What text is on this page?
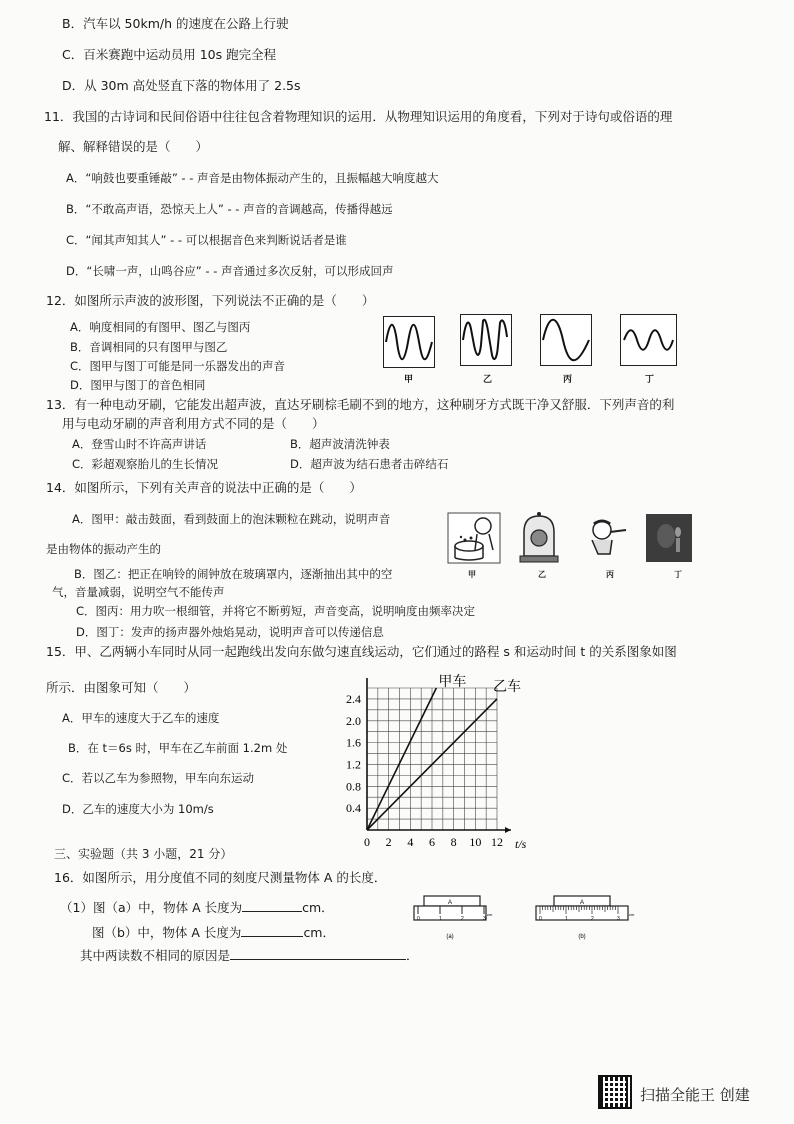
B．汽车以 50km/h 的速度在公路上行驶
C．百米赛跑中运动员用 10s 跑完全程
D．从 30m 高处竖直下落的物体用了 2.5s
11．我国的古诗词和民间俗语中往往包含着物理知识的运用．从物理知识运用的角度看，下列对于诗句或俗语的理
解、解释错误的是（　　）
A．“响鼓也要重锤敲” - - 声音是由物体振动产生的，且振幅越大响度越大
B．“不敢高声语，恐惊天上人” - - 声音的音调越高，传播得越远
C．“闻其声知其人” - - 可以根据音色来判断说话者是谁
D．“长啸一声，山鸣谷应” - - 声音通过多次反射，可以形成回声
12．如图所示声波的波形图，下列说法不正确的是（　　）
A．响度相同的有图甲、图乙与图丙
B．音调相同的只有图甲与图乙
C．图甲与图丁可能是同一乐器发出的声音
D．图甲与图丁的音色相同	甲	乙	丙	丁
13．有一种电动牙刷，它能发出超声波，直达牙刷棕毛刷不到的地方，这种刷牙方式既干净又舒服．下列声音的利
用与电动牙刷的声音利用方式不同的是（　　）
A．登雪山时不许高声讲话	B．超声波清洗钟表
C．彩超观察胎儿的生长情况	D．超声波为结石患者击碎结石
14．如图所示，下列有关声音的说法中正确的是（　　）
A．图甲：敲击鼓面，看到鼓面上的泡沫颗粒在跳动，说明声音
是由物体的振动产生的
B．图乙：把正在响铃的闹钟放在玻璃罩内，逐渐抽出其中的空
气，音量减弱，说明空气不能传声
C．图丙：用力吹一根细管，并将它不断剪短，声音变高，说明响度由频率决定
D．图丁：发声的扬声器外烛焰晃动，说明声音可以传递信息
甲	乙	丙	丁
15．甲、乙两辆小车同时从同一起跑线出发向东做匀速直线运动，它们通过的路程 s 和运动时间 t 的关系图象如图
所示．由图象可知（　　）
A．甲车的速度大于乙车的速度
B．在 t＝6s 时，甲车在乙车前面 1.2m 处
C．若以乙车为参照物，甲车向东运动
D．乙车的速度大小为 10m/s	0.4
0.8
1.2
1.6
2.0
2.4
0 2 4 6 8 10 12 t/s
甲车 乙车
三、实验题（共 3 小题，21 分）
16．如图所示，用分度值不同的刻度尺测量物体 A 的长度．
（1）图（a）中，物体 A 长度为	cm．
图（b）中，物体 A 长度为	cm．
其中两读数不相同的原因是	．
A
0	1	2	3
cm
(a)
A
0	1	2	3
cm
(b)
扫描全能王 创建
